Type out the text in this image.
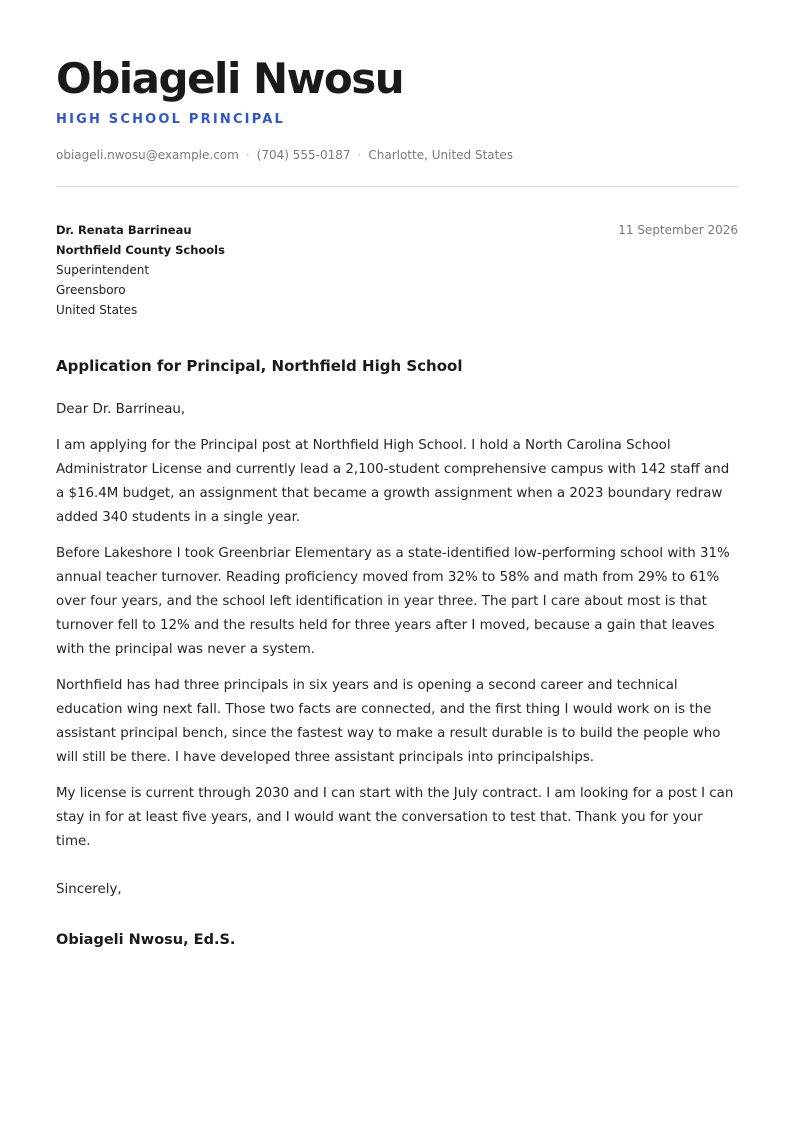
Obiageli Nwosu
HIGH SCHOOL PRINCIPAL
obiageli.nwosu@example.com · (704) 555-0187 · Charlotte, United States
Dr. Renata Barrineau
Northfield County Schools
Superintendent
Greensboro
United States
11 September 2026
Application for Principal, Northfield High School

Dear Dr. Barrineau,

I am applying for the Principal post at Northfield High School. I hold a North Carolina School Administrator License and currently lead a 2,100-student comprehensive campus with 142 staff and a $16.4M budget, an assignment that became a growth assignment when a 2023 boundary redraw added 340 students in a single year.

Before Lakeshore I took Greenbriar Elementary as a state-identified low-performing school with 31% annual teacher turnover. Reading proficiency moved from 32% to 58% and math from 29% to 61% over four years, and the school left identification in year three. The part I care about most is that turnover fell to 12% and the results held for three years after I moved, because a gain that leaves with the principal was never a system.

Northfield has had three principals in six years and is opening a second career and technical education wing next fall. Those two facts are connected, and the first thing I would work on is the assistant principal bench, since the fastest way to make a result durable is to build the people who will still be there. I have developed three assistant principals into principalships.

My license is current through 2030 and I can start with the July contract. I am looking for a post I can stay in for at least five years, and I would want the conversation to test that. Thank you for your time.

Sincerely,
Obiageli Nwosu, Ed.S.
